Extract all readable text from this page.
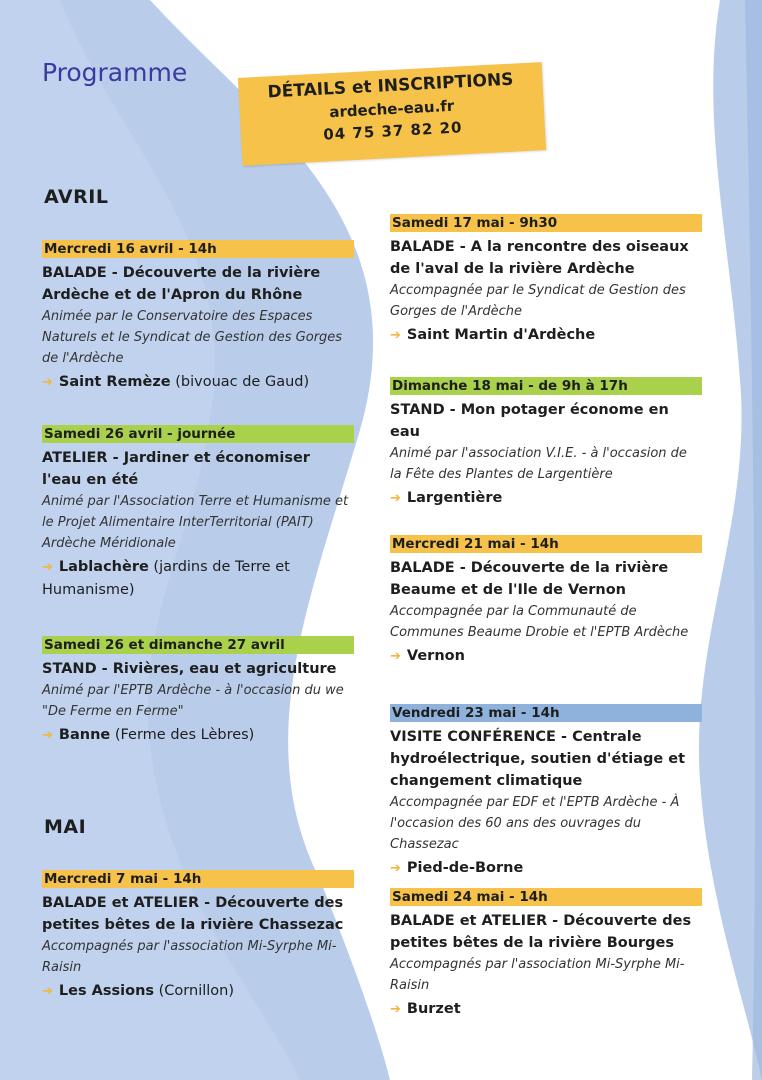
Programme	DÉTAILS et INSCRIPTIONS
ardeche-eau.fr
04 75 37 82 20
AVRIL
MAI
Mercredi 16 avril - 14h
BALADE - Découverte de la rivière Ardèche et de l'Apron du Rhône
Animée par le Conservatoire des Espaces Naturels et le Syndicat de Gestion des Gorges de l'Ardèche
➔ Saint Remèze (bivouac de Gaud)
Samedi 26 avril - journée
ATELIER - Jardiner et économiser l'eau en été
Animé par l'Association Terre et Humanisme et le Projet Alimentaire InterTerritorial (PAIT) Ardèche Méridionale
➔ Lablachère (jardins de Terre et Humanisme)
Samedi 26 et dimanche 27 avril
STAND - Rivières, eau et agriculture
Animé par l'EPTB Ardèche - à l'occasion du we "De Ferme en Ferme"
➔ Banne (Ferme des Lèbres)
Mercredi 7 mai - 14h
BALADE et ATELIER - Découverte des petites bêtes de la rivière Chassezac
Accompagnés par l'association Mi-Syrphe Mi-Raisin
➔ Les Assions (Cornillon)
Samedi 17 mai - 9h30
BALADE - A la rencontre des oiseaux de l'aval de la rivière Ardèche
Accompagnée par le Syndicat de Gestion des Gorges de l'Ardèche
➔ Saint Martin d'Ardèche
Dimanche 18 mai - de 9h à 17h
STAND - Mon potager économe en eau
Animé par l'association V.I.E. - à l'occasion de la Fête des Plantes de Largentière
➔ Largentière
Mercredi 21 mai - 14h
BALADE - Découverte de la rivière Beaume et de l'Ile de Vernon
Accompagnée par la Communauté de Communes Beaume Drobie et l'EPTB Ardèche
➔ Vernon
Vendredi 23 mai - 14h
VISITE CONFÉRENCE - Centrale hydroélectrique, soutien d'étiage et changement climatique
Accompagnée par EDF et l'EPTB Ardèche - À l'occasion des 60 ans des ouvrages du Chassezac
➔ Pied-de-Borne
Samedi 24 mai - 14h
BALADE et ATELIER - Découverte des petites bêtes de la rivière Bourges
Accompagnés par l'association Mi-Syrphe Mi-Raisin
➔ Burzet
